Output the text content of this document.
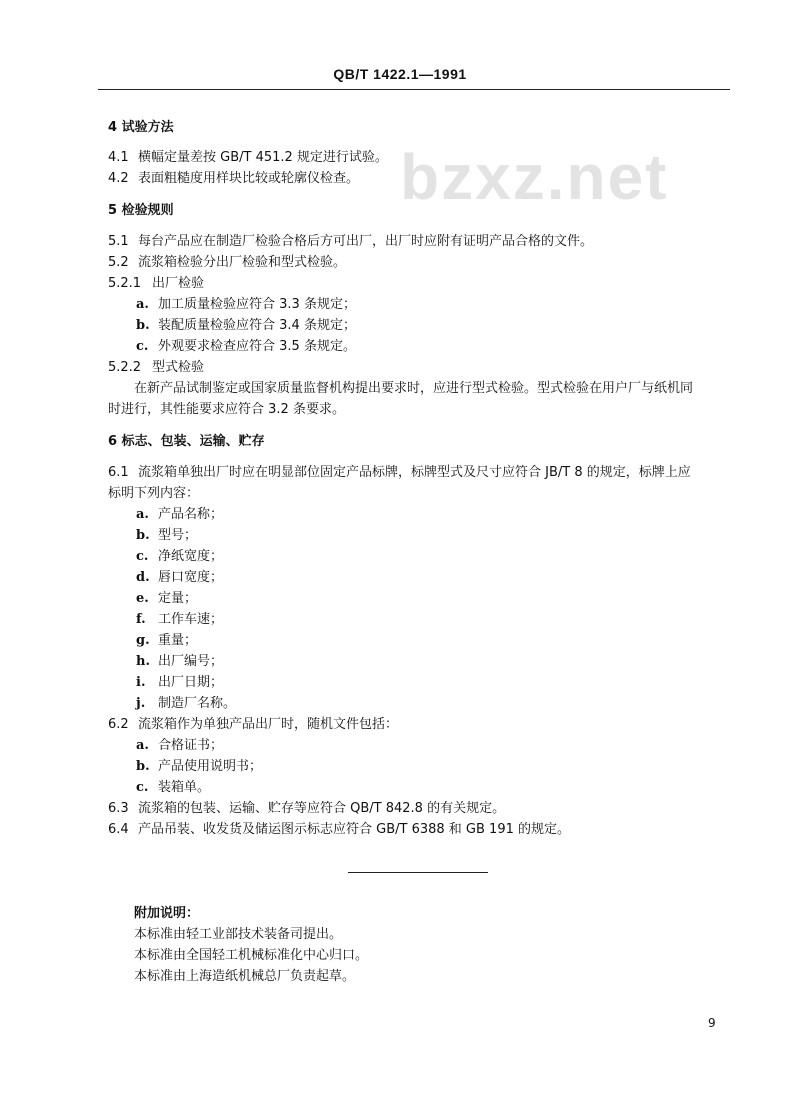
QB/T 1422.1—1991
bzxz.net
4 试验方法
4.1 横幅定量差按 GB/T 451.2 规定进行试验。
4.2 表面粗糙度用样块比较或轮廓仪检查。
5 检验规则
5.1 每台产品应在制造厂检验合格后方可出厂，出厂时应附有证明产品合格的文件。
5.2 流浆箱检验分出厂检验和型式检验。
5.2.1 出厂检验
a. 加工质量检验应符合 3.3 条规定；
b. 装配质量检验应符合 3.4 条规定；
c. 外观要求检查应符合 3.5 条规定。
5.2.2 型式检验
在新产品试制鉴定或国家质量监督机构提出要求时，应进行型式检验。型式检验在用户厂与纸机同
时进行，其性能要求应符合 3.2 条要求。
6 标志、包装、运输、贮存
6.1 流浆箱单独出厂时应在明显部位固定产品标牌，标牌型式及尺寸应符合 JB/T 8 的规定，标牌上应
标明下列内容：
a. 产品名称；
b. 型号；
c. 净纸宽度；
d. 唇口宽度；
e. 定量；
f. 工作车速；
g. 重量；
h. 出厂编号；
i. 出厂日期；
j. 制造厂名称。
6.2 流浆箱作为单独产品出厂时，随机文件包括：
a. 合格证书；
b. 产品使用说明书；
c. 装箱单。
6.3 流浆箱的包装、运输、贮存等应符合 QB/T 842.8 的有关规定。
6.4 产品吊装、收发货及储运图示标志应符合 GB/T 6388 和 GB 191 的规定。
附加说明：
本标准由轻工业部技术装备司提出。
本标准由全国轻工机械标准化中心归口。
本标准由上海造纸机械总厂负责起草。
9
